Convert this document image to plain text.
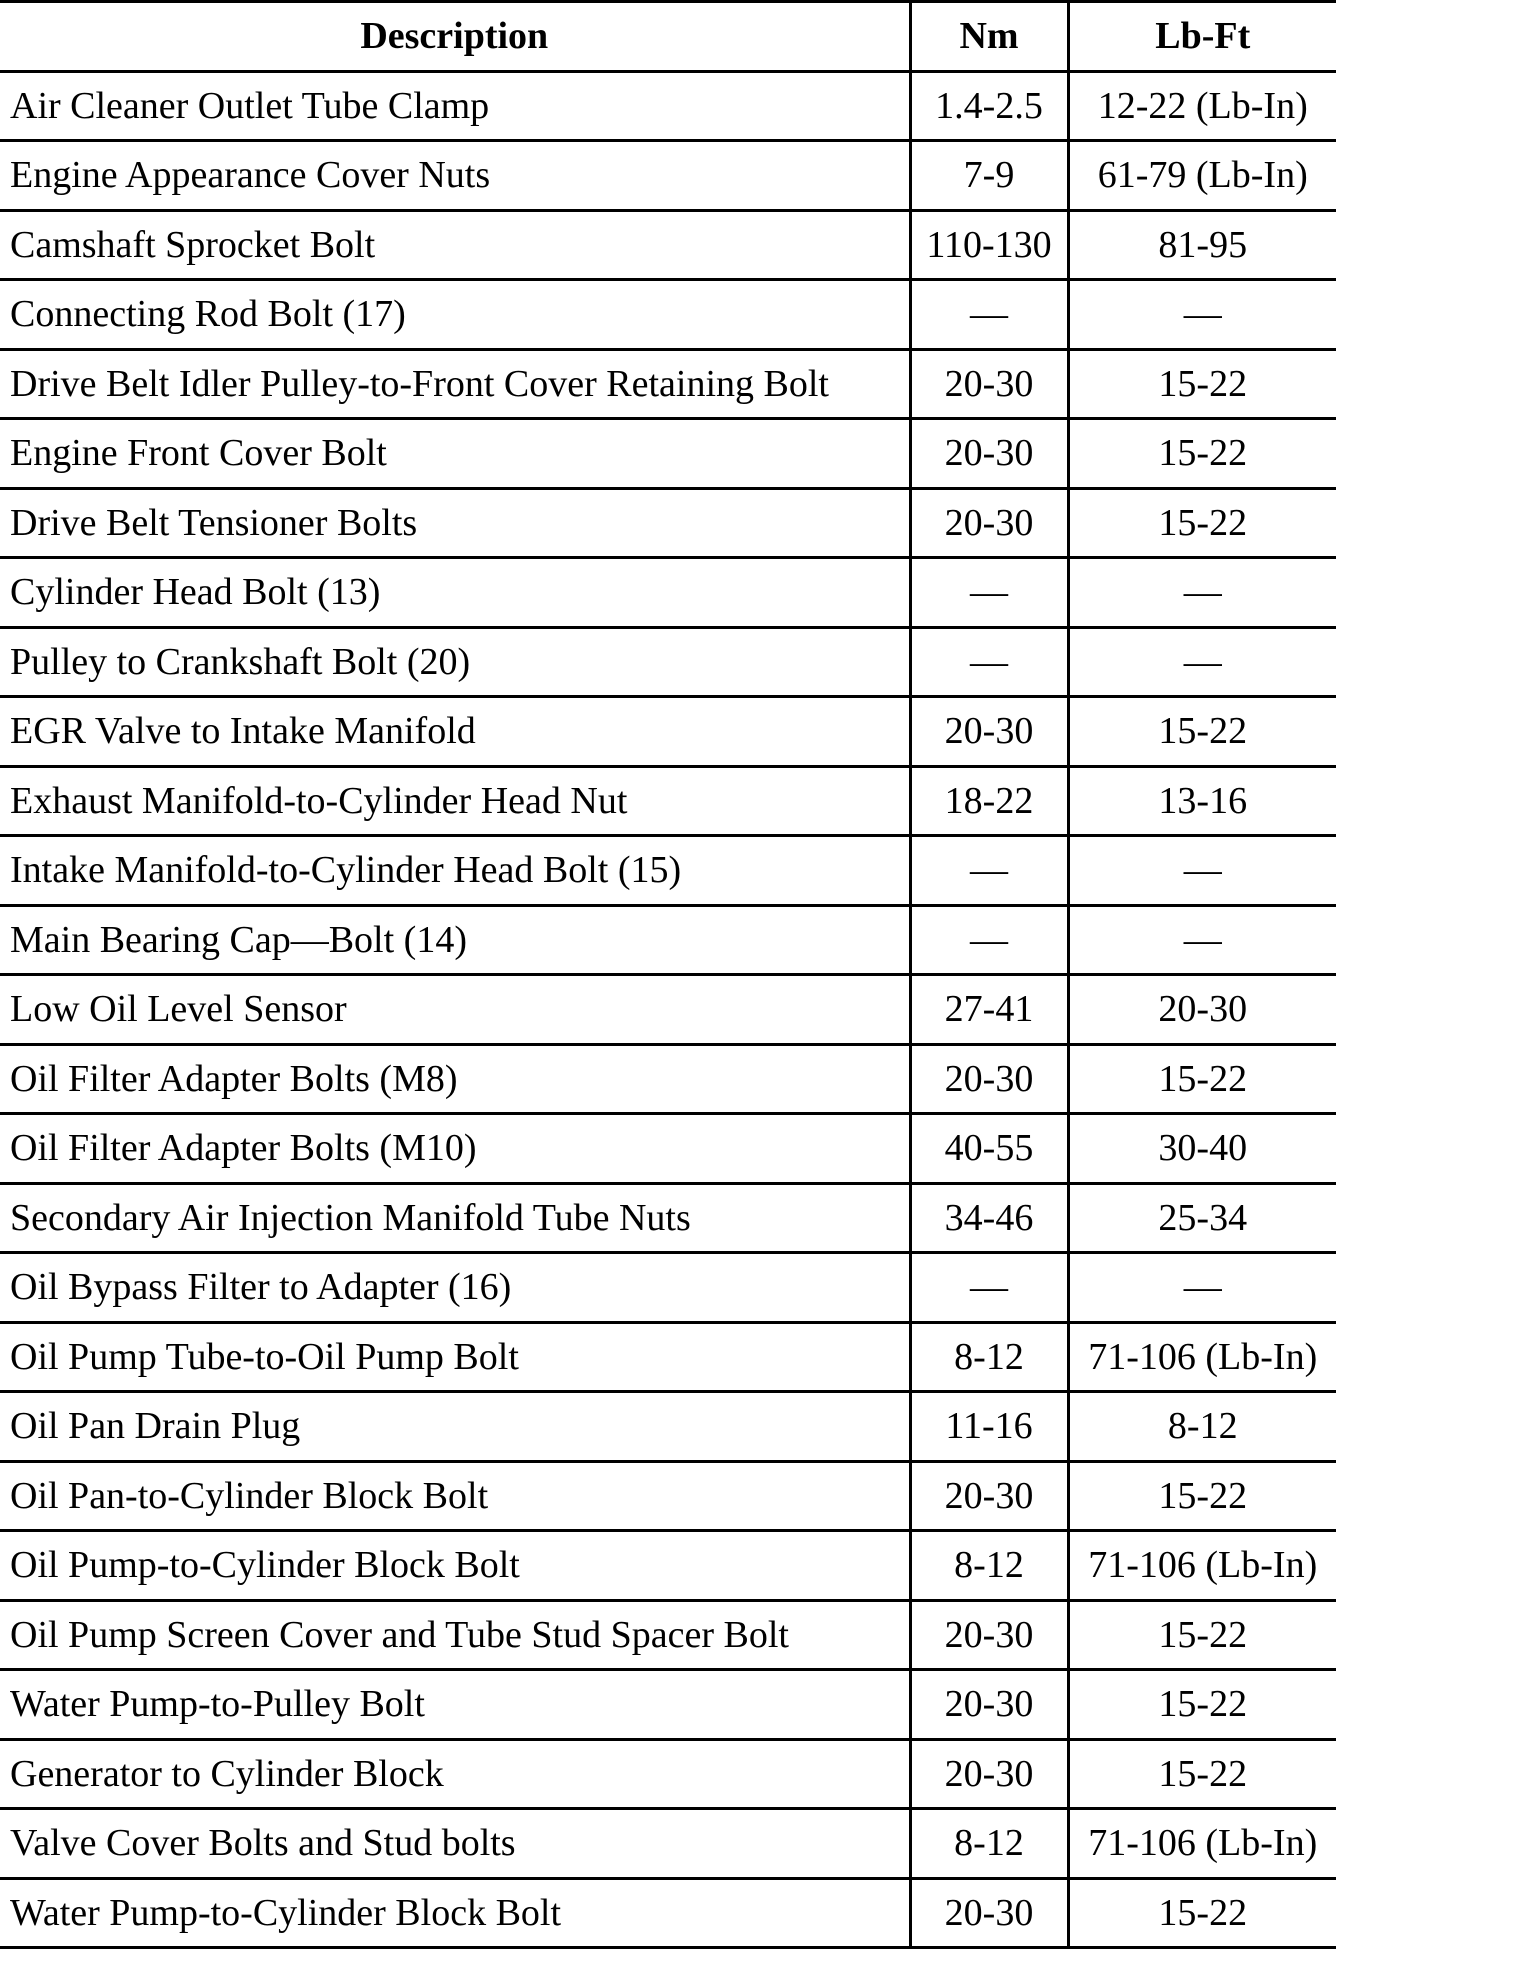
Description	Nm	Lb-Ft
Air Cleaner Outlet Tube Clamp	1.4-2.5	12-22 (Lb-In)
Engine Appearance Cover Nuts	7-9	61-79 (Lb-In)
Camshaft Sprocket Bolt	110-130	81-95
Connecting Rod Bolt (17)	—	—
Drive Belt Idler Pulley-to-Front Cover Retaining Bolt	20-30	15-22
Engine Front Cover Bolt	20-30	15-22
Drive Belt Tensioner Bolts	20-30	15-22
Cylinder Head Bolt (13)	—	—
Pulley to Crankshaft Bolt (20)	—	—
EGR Valve to Intake Manifold	20-30	15-22
Exhaust Manifold-to-Cylinder Head Nut	18-22	13-16
Intake Manifold-to-Cylinder Head Bolt (15)	—	—
Main Bearing Cap—Bolt (14)	—	—
Low Oil Level Sensor	27-41	20-30
Oil Filter Adapter Bolts (M8)	20-30	15-22
Oil Filter Adapter Bolts (M10)	40-55	30-40
Secondary Air Injection Manifold Tube Nuts	34-46	25-34
Oil Bypass Filter to Adapter (16)	—	—
Oil Pump Tube-to-Oil Pump Bolt	8-12	71-106 (Lb-In)
Oil Pan Drain Plug	11-16	8-12
Oil Pan-to-Cylinder Block Bolt	20-30	15-22
Oil Pump-to-Cylinder Block Bolt	8-12	71-106 (Lb-In)
Oil Pump Screen Cover and Tube Stud Spacer Bolt	20-30	15-22
Water Pump-to-Pulley Bolt	20-30	15-22
Generator to Cylinder Block	20-30	15-22
Valve Cover Bolts and Stud bolts	8-12	71-106 (Lb-In)
Water Pump-to-Cylinder Block Bolt	20-30	15-22
